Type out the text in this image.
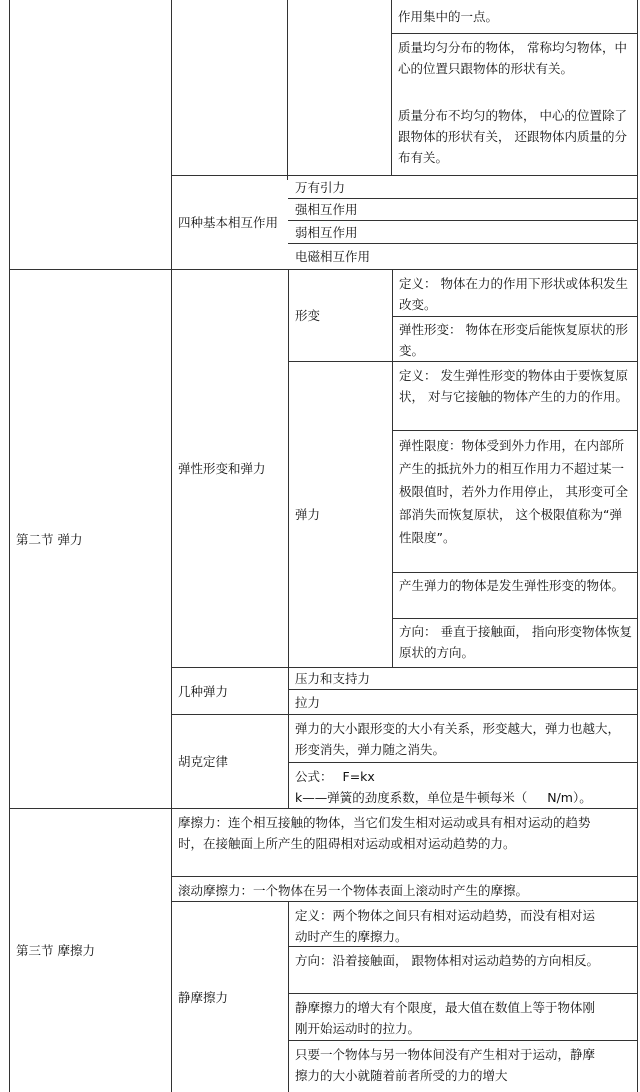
作用集中的一点。
质量均匀分布的物体， 常称均匀物体，中心的位置只跟物体的形状有关。
质量分布不均匀的物体， 中心的位置除了跟物体的形状有关， 还跟物体内质量的分布有关。
四种基本相互作用
万有引力
强相互作用
弱相互作用
电磁相互作用
第二节 弹力
弹性形变和弹力
形变
定义： 物体在力的作用下形状或体积发生改变。
弹性形变： 物体在形变后能恢复原状的形变。
弹力
定义： 发生弹性形变的物体由于要恢复原状， 对与它接触的物体产生的力的作用。
弹性限度：物体受到外力作用，在内部所产生的抵抗外力的相互作用力不超过某一极限值时，若外力作用停止， 其形变可全部消失而恢复原状， 这个极限值称为“弹性限度”。
产生弹力的物体是发生弹性形变的物体。
方向： 垂直于接触面， 指向形变物体恢复原状的方向。
几种弹力
压力和支持力
拉力
胡克定律
弹力的大小跟形变的大小有关系，形变越大，弹力也越大，形变消失，弹力随之消失。
公式： F=kx
k——弹簧的劲度系数，单位是牛顿每米（ N/m）。
第三节 摩擦力
摩擦力：连个相互接触的物体，当它们发生相对运动或具有相对运动的趋势时，在接触面上所产生的阻碍相对运动或相对运动趋势的力。
滚动摩擦力：一个物体在另一个物体表面上滚动时产生的摩擦。
静摩擦力
定义：两个物体之间只有相对运动趋势，而没有相对运动时产生的摩擦力。
方向：沿着接触面， 跟物体相对运动趋势的方向相反。
静摩擦力的增大有个限度，最大值在数值上等于物体刚刚开始运动时的拉力。
只要一个物体与另一物体间没有产生相对于运动，静摩擦力的大小就随着前者所受的力的增大
